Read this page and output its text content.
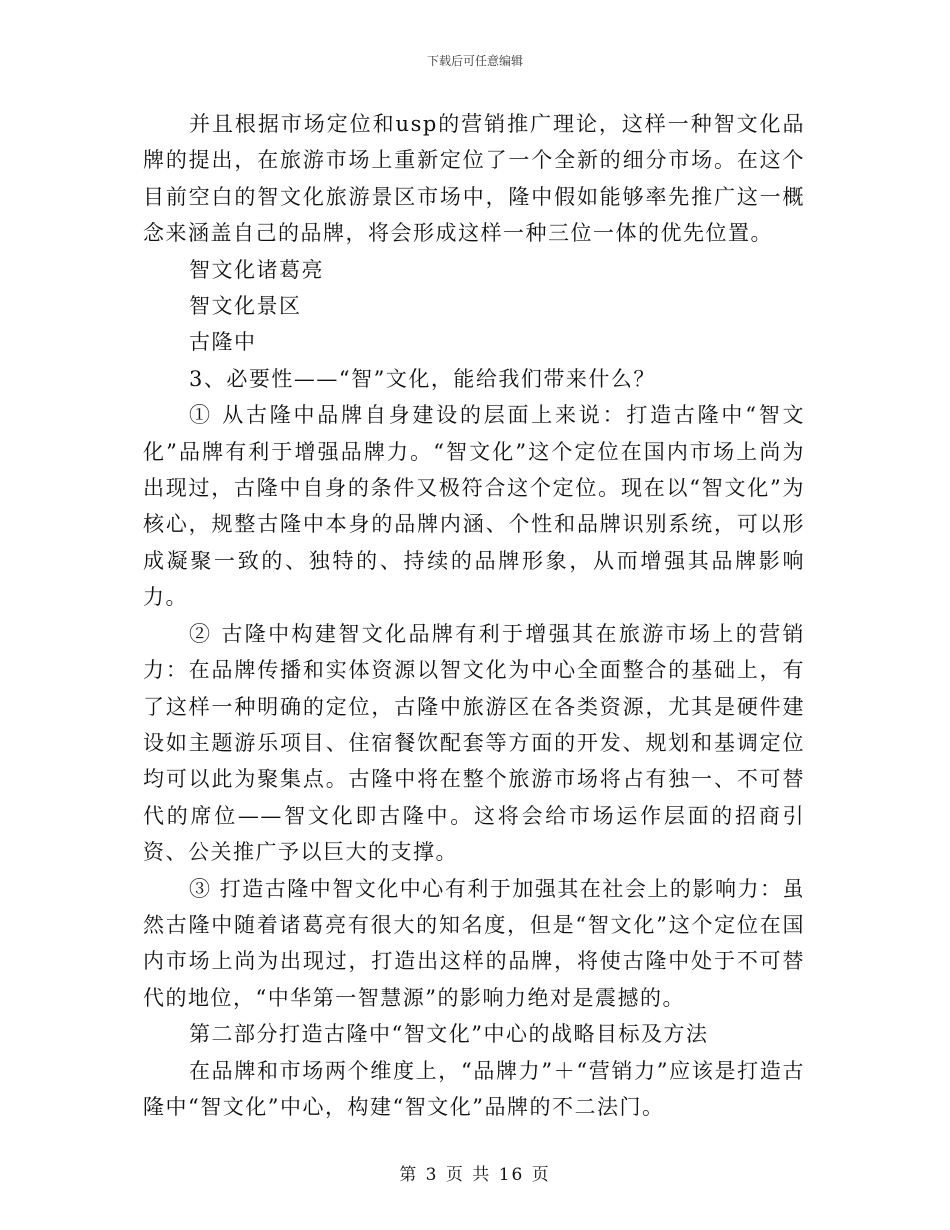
下载后可任意编辑

并且根据市场定位和usp的营销推广理论，这样一种智文化品牌的提出，在旅游市场上重新定位了一个全新的细分市场。在这个目前空白的智文化旅游景区市场中，隆中假如能够率先推广这一概念来涵盖自己的品牌，将会形成这样一种三位一体的优先位置。

智文化诸葛亮

智文化景区

古隆中

3、必要性——“智”文化，能给我们带来什么？

① 从古隆中品牌自身建设的层面上来说：打造古隆中“智文化”品牌有利于增强品牌力。“智文化”这个定位在国内市场上尚为出现过，古隆中自身的条件又极符合这个定位。现在以“智文化”为核心，规整古隆中本身的品牌内涵、个性和品牌识别系统，可以形成凝聚一致的、独特的、持续的品牌形象，从而增强其品牌影响力。

② 古隆中构建智文化品牌有利于增强其在旅游市场上的营销力：在品牌传播和实体资源以智文化为中心全面整合的基础上，有了这样一种明确的定位，古隆中旅游区在各类资源，尤其是硬件建设如主题游乐项目、住宿餐饮配套等方面的开发、规划和基调定位均可以此为聚集点。古隆中将在整个旅游市场将占有独一、不可替代的席位——智文化即古隆中。这将会给市场运作层面的招商引资、公关推广予以巨大的支撑。

③ 打造古隆中智文化中心有利于加强其在社会上的影响力：虽然古隆中随着诸葛亮有很大的知名度，但是“智文化”这个定位在国内市场上尚为出现过，打造出这样的品牌，将使古隆中处于不可替代的地位，“中华第一智慧源”的影响力绝对是震撼的。

第二部分打造古隆中“智文化”中心的战略目标及方法

在品牌和市场两个维度上，“品牌力”＋“营销力”应该是打造古隆中“智文化”中心，构建“智文化”品牌的不二法门。

第 3 页 共 16 页
